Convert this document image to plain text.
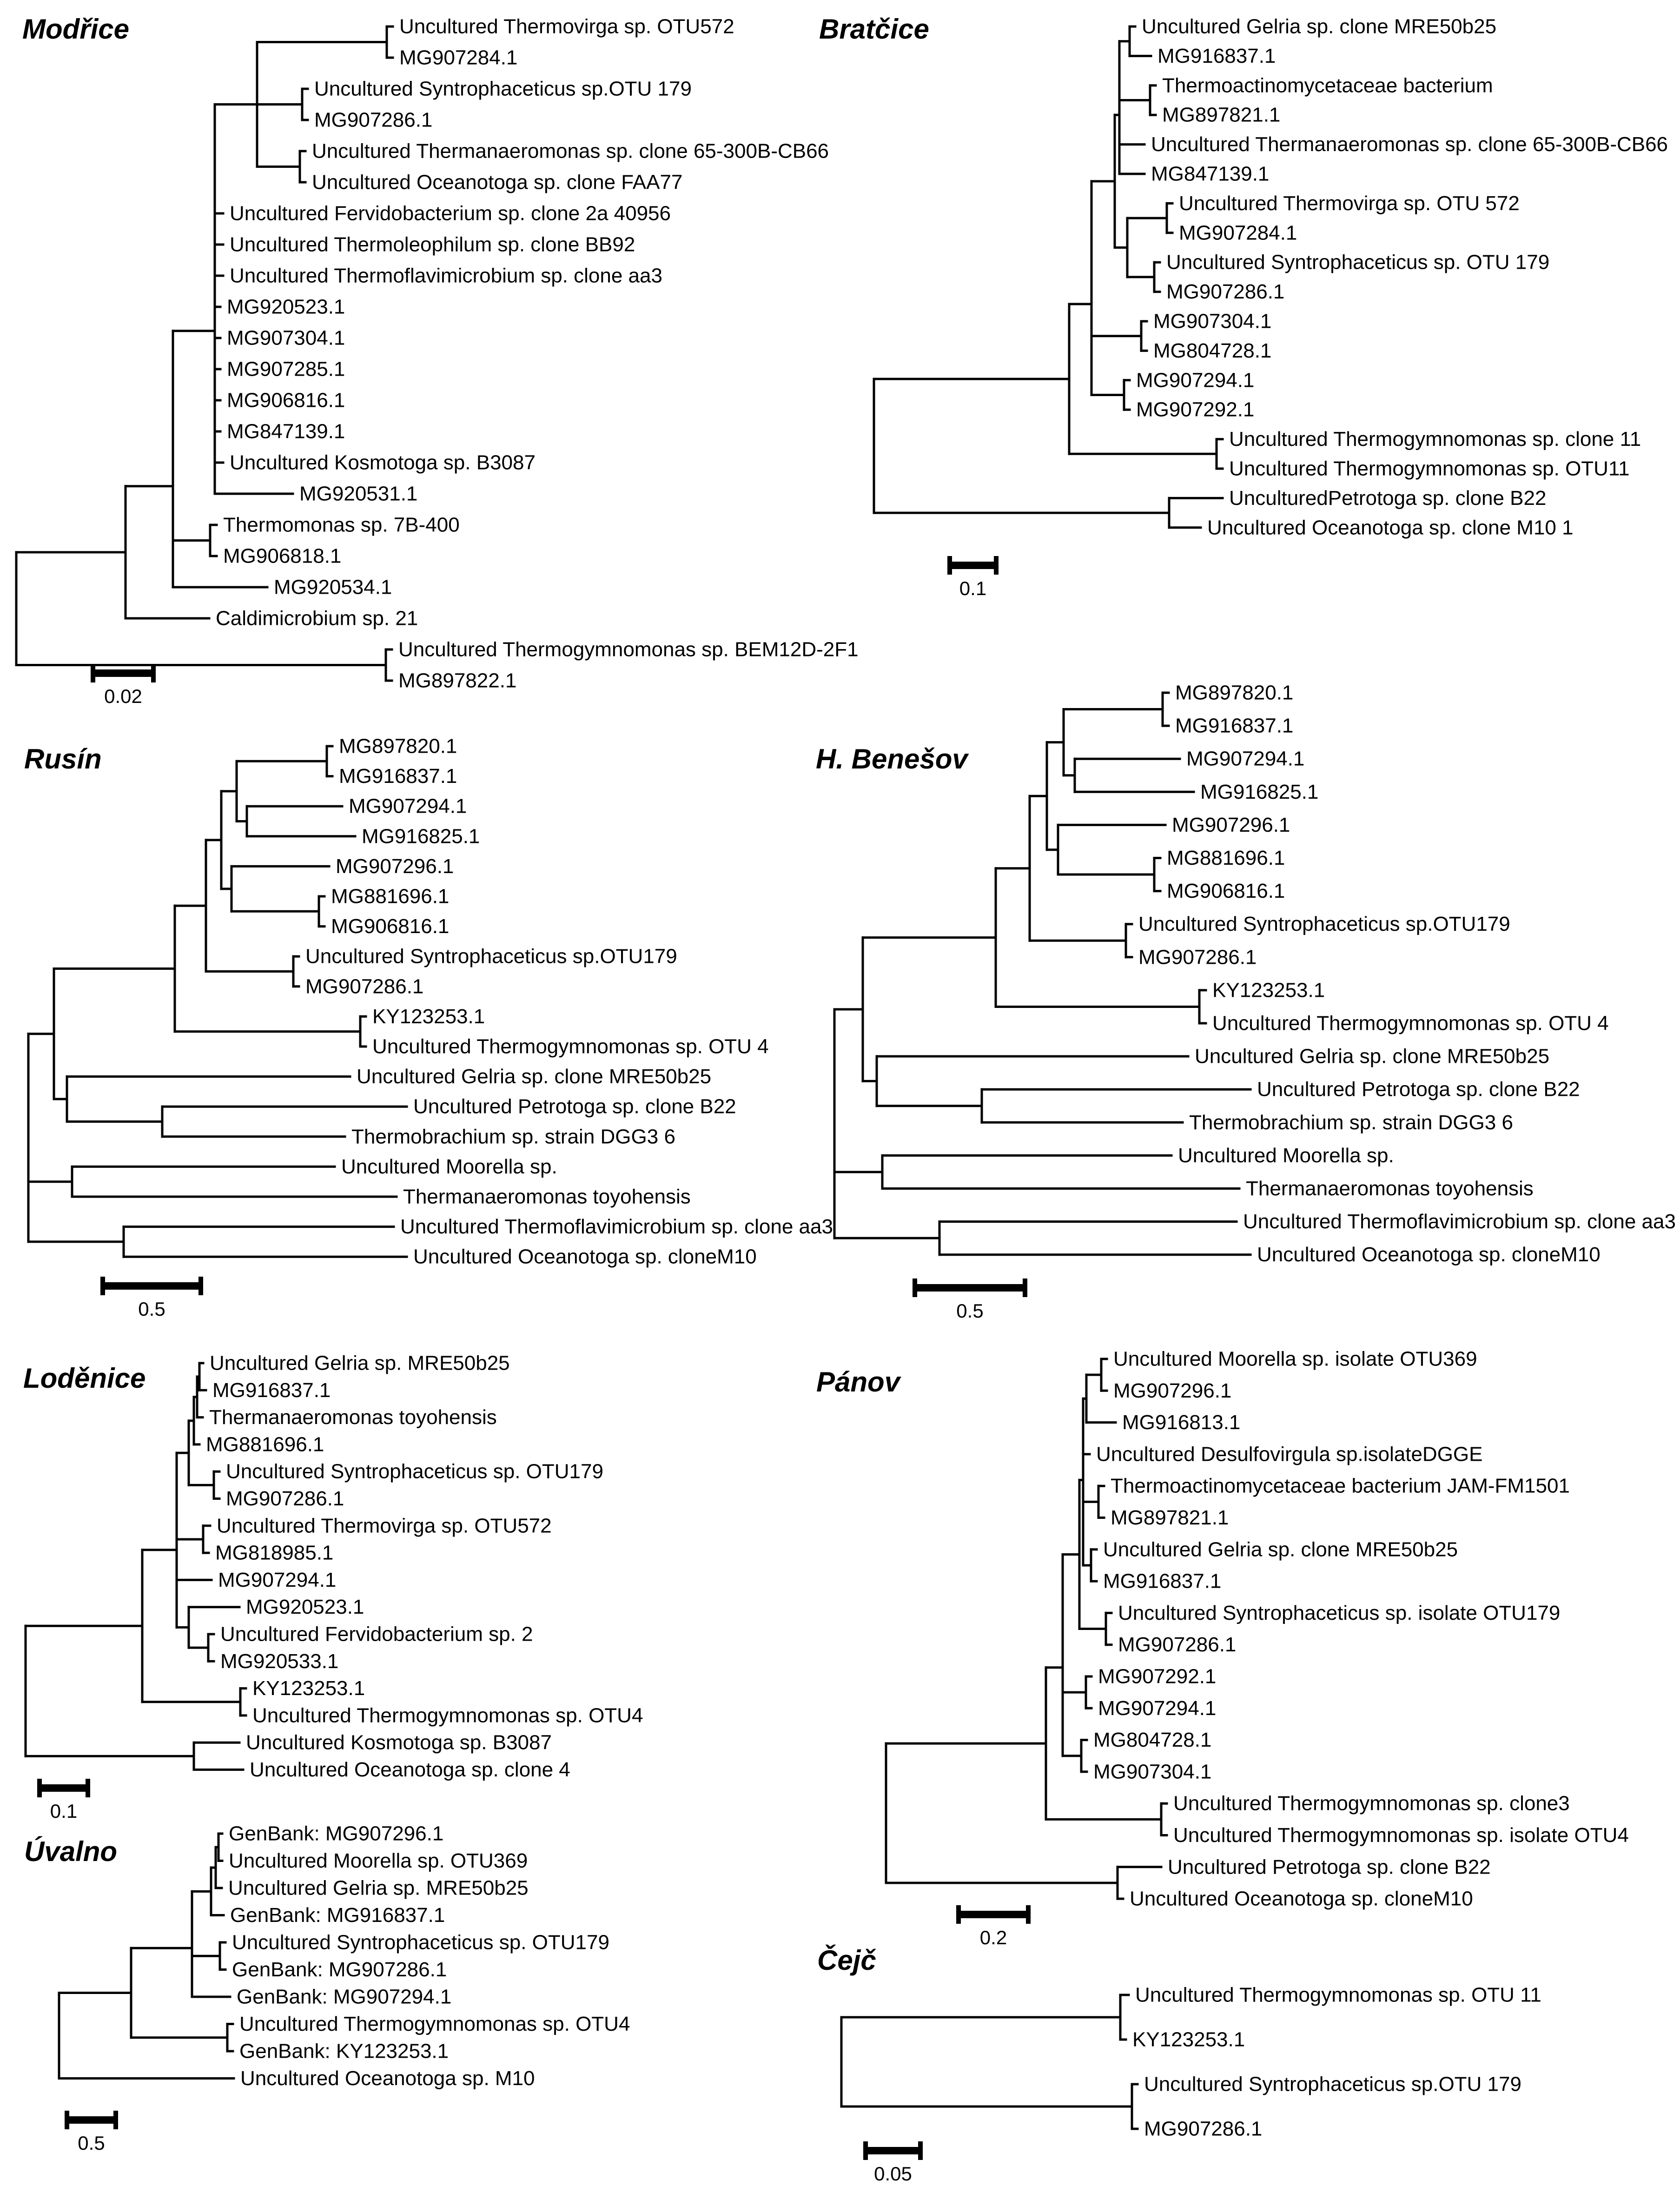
Uncultured Thermovirga sp. OTU572
MG907284.1
Uncultured Syntrophaceticus sp.OTU 179
MG907286.1
Uncultured Thermanaeromonas sp. clone 65-300B-CB66
Uncultured Oceanotoga sp. clone FAA77
Uncultured Fervidobacterium sp. clone 2a 40956
Uncultured Thermoleophilum sp. clone BB92
Uncultured Thermoflavimicrobium sp. clone aa3
MG920523.1
MG907304.1
MG907285.1
MG906816.1
MG847139.1
Uncultured Kosmotoga sp. B3087
MG920531.1
Thermomonas sp. 7B-400
MG906818.1
MG920534.1
Caldimicrobium sp. 21
Uncultured Thermogymnomonas sp. BEM12D-2F1
MG897822.1
Uncultured Gelria sp. clone MRE50b25
MG916837.1
Thermoactinomycetaceae bacterium
MG897821.1
Uncultured Thermanaeromonas sp. clone 65-300B-CB66
MG847139.1
Uncultured Thermovirga sp. OTU 572
MG907284.1
Uncultured Syntrophaceticus sp. OTU 179
MG907286.1
MG907304.1
MG804728.1
MG907294.1
MG907292.1
Uncultured Thermogymnomonas sp. clone 11
Uncultured Thermogymnomonas sp. OTU11
UnculturedPetrotoga sp. clone B22
Uncultured Oceanotoga sp. clone M10 1
MG897820.1
MG916837.1
MG907294.1
MG916825.1
MG907296.1
MG881696.1
MG906816.1
Uncultured Syntrophaceticus sp.OTU179
MG907286.1
KY123253.1
Uncultured Thermogymnomonas sp. OTU 4
Uncultured Gelria sp. clone MRE50b25
Uncultured Petrotoga sp. clone B22
Thermobrachium sp. strain DGG3 6
Uncultured Moorella sp.
Thermanaeromonas toyohensis
Uncultured Thermoflavimicrobium sp. clone aa3
Uncultured Oceanotoga sp. cloneM10
MG897820.1
MG916837.1
MG907294.1
MG916825.1
MG907296.1
MG881696.1
MG906816.1
Uncultured Syntrophaceticus sp.OTU179
MG907286.1
KY123253.1
Uncultured Thermogymnomonas sp. OTU 4
Uncultured Gelria sp. clone MRE50b25
Uncultured Petrotoga sp. clone B22
Thermobrachium sp. strain DGG3 6
Uncultured Moorella sp.
Thermanaeromonas toyohensis
Uncultured Thermoflavimicrobium sp. clone aa3
Uncultured Oceanotoga sp. cloneM10
Uncultured Gelria sp. MRE50b25
MG916837.1
Thermanaeromonas toyohensis
MG881696.1
Uncultured Syntrophaceticus sp. OTU179
MG907286.1
Uncultured Thermovirga sp. OTU572
MG818985.1
MG907294.1
MG920523.1
Uncultured Fervidobacterium sp. 2
MG920533.1
KY123253.1
Uncultured Thermogymnomonas sp. OTU4
Uncultured Kosmotoga sp. B3087
Uncultured Oceanotoga sp. clone 4
Uncultured Moorella sp. isolate OTU369
MG907296.1
MG916813.1
Uncultured Desulfovirgula sp.isolateDGGE
Thermoactinomycetaceae bacterium JAM-FM1501
MG897821.1
Uncultured Gelria sp. clone MRE50b25
MG916837.1
Uncultured Syntrophaceticus sp. isolate OTU179
MG907286.1
MG907292.1
MG907294.1
MG804728.1
MG907304.1
Uncultured Thermogymnomonas sp. clone3
Uncultured Thermogymnomonas sp. isolate OTU4
Uncultured Petrotoga sp. clone B22
Uncultured Oceanotoga sp. cloneM10
GenBank: MG907296.1
Uncultured Moorella sp. OTU369
Uncultured Gelria sp. MRE50b25
GenBank: MG916837.1
Uncultured Syntrophaceticus sp. OTU179
GenBank: MG907286.1
GenBank: MG907294.1
Uncultured Thermogymnomonas sp. OTU4
GenBank: KY123253.1
Uncultured Oceanotoga sp. M10
Uncultured Thermogymnomonas sp. OTU 11
KY123253.1
Uncultured Syntrophaceticus sp.OTU 179
MG907286.1
Modřice	Bratčice
Rusín	H. Benešov
Loděnice	Pánov
Úvalno
Čejč
0.02
0.1
0.5	0.5
0.1
0.2
0.5
0.05
